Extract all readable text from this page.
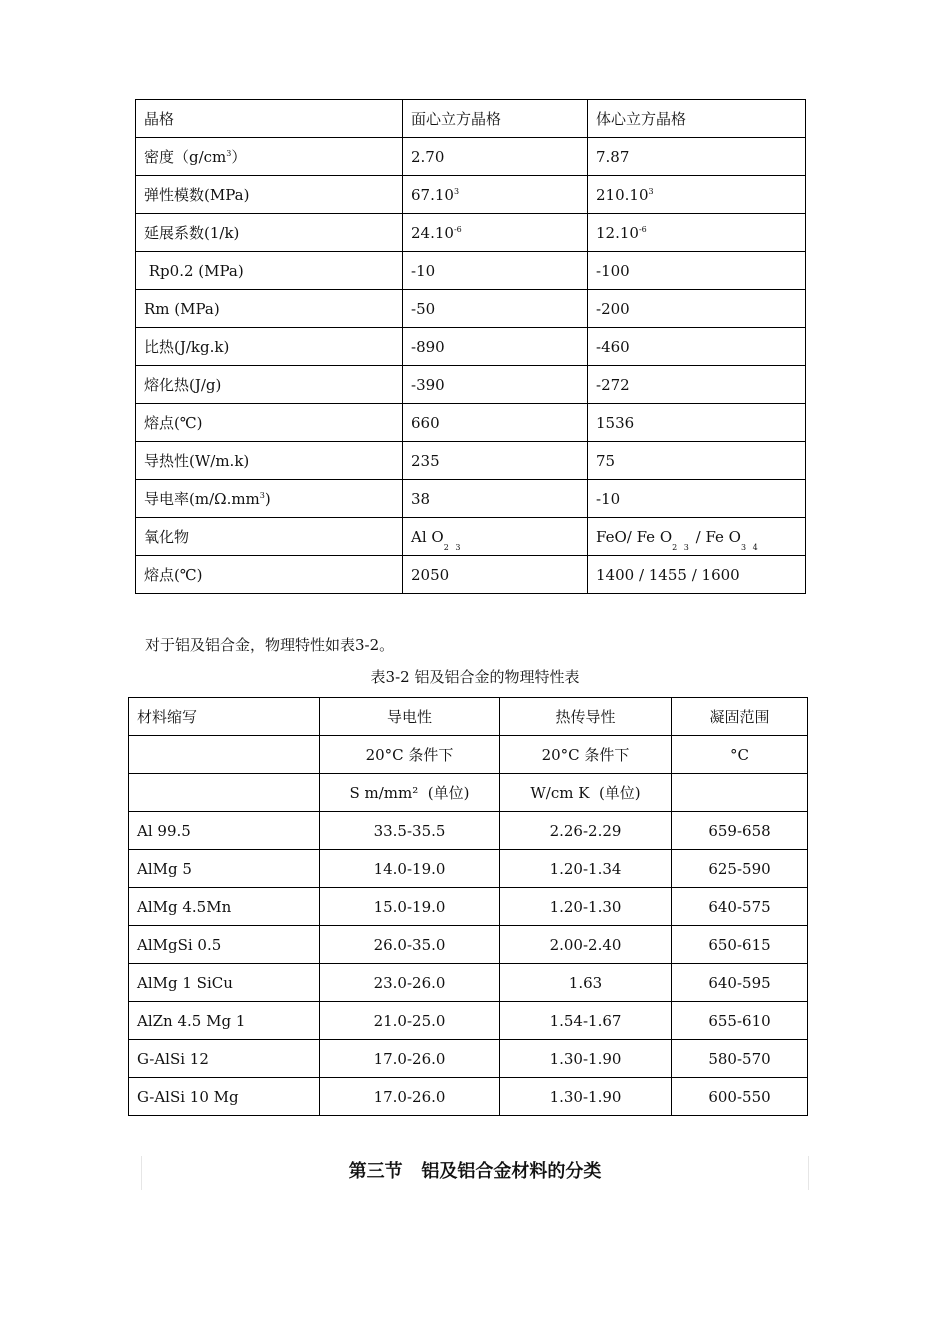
晶格	面心立方晶格	体心立方晶格
密度$(g/cm^3)$	2.70	7.87
弹性模数(MPa)	67.10$^3$	210.10$^3$
延展系数(1/k)	$24.10^{-6}$	$12.10^{-6}$
Rp0.2 (MPa)	-10	-100
Rm (MPa)	-50	-200
比热(J/kg.k)	-890	-460
熔化热(J/g)	-390	-272
熔点(℃)	660	1536
导热性(W/m.k)	235	75
导电率$(m/\Omega.mm^3)$	38	-10
氧化物	Al $O_{2 3}$	FeO/ Fe $O_{2 3}$ / Fe $O_{3 4}$
熔点(℃)	2050	1400 / 1455 / 1600
对于铝及铝合金，物理特性如表3-2。
表3-2 铝及铝合金的物理特性表
材料缩写	导电性	热传导性	凝固范围
	20°C 条件下	20°C 条件下	°C
	S m/mm²  (单位)	W/cm K  (单位)	
Al 99.5	33.5-35.5	2.26-2.29	659-658
AlMg 5	14.0-19.0	1.20-1.34	625-590
AlMg 4.5Mn	15.0-19.0	1.20-1.30	640-575
AlMgSi 0.5	26.0-35.0	2.00-2.40	650-615
AlMg 1 SiCu	23.0-26.0	1.63	640-595
AlZn 4.5 Mg 1	21.0-25.0	1.54-1.67	655-610
G-AlSi 12	17.0-26.0	1.30-1.90	580-570
G-AlSi 10 Mg	17.0-26.0	1.30-1.90	600-550
第三节   铝及铝合金材料的分类
